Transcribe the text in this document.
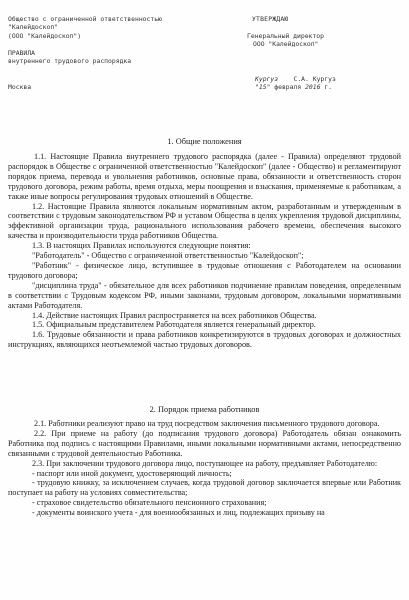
Общество с ограниченной ответственностью
"Калейдоскоп"
(ООО "Калейдоскоп")

ПРАВИЛА
внутреннего трудового распорядка
УТВЕРЖДАЮ

Генеральный директор
ООО "Калейдоскоп"
Кургуз С.А. Кургуз
"15" февраля 2016 г.
Москва
1. Общие положения

1.1. Настоящие Правила внутреннего трудового распорядка (далее - Правила) определяют трудовой распорядок в Обществе с ограниченной ответственностью "Калейдоскоп" (далее - Общество) и регламентируют порядок приема, перевода и увольнения работников, основные права, обязанности и ответственность сторон трудового договора, режим работы, время отдыха, меры поощрения и взыскания, применяемые к работникам, а также иные вопросы регулирования трудовых отношений в Обществе.

1.2. Настоящие Правила являются локальным нормативным актом, разработанным и утвержденным в соответствии с трудовым законодательством РФ и уставом Общества в целях укрепления трудовой дисциплины, эффективной организации труда, рационального использования рабочего времени, обеспечения высокого качества и производительности труда работников Общества.

1.3. В настоящих Правилах используются следующие понятия:

"Работодатель" - Общество с ограниченной ответственностью "Калейдоскоп";

"Работник" - физическое лицо, вступившее в трудовые отношения с Работодателем на основании трудового договора;

"дисциплина труда" - обязательное для всех работников подчинение правилам поведения, определенным в соответствии с Трудовым кодексом РФ, иными законами, трудовым договором, локальными нормативными актами Работодателя.

1.4. Действие настоящих Правил распространяется на всех работников Общества.

1.5. Официальным представителем Работодателя является генеральный директор.

1.6. Трудовые обязанности и права работников конкретизируются в трудовых договорах и должностных инструкциях, являющихся неотъемлемой частью трудовых договоров.

2. Порядок приема работников

2.1. Работники реализуют право на труд посредством заключения письменного трудового договора.

2.2. При приеме на работу (до подписания трудового договора) Работодатель обязан ознакомить Работника под подпись с настоящими Правилами, иными локальными нормативными актами, непосредственно связанными с трудовой деятельностью Работника.

2.3. При заключении трудового договора лицо, поступающее на работу, предъявляет Работодателю:

- паспорт или иной документ, удостоверяющий личность;

- трудовую книжку, за исключением случаев, когда трудовой договор заключается впервые или Работник поступает на работу на условиях совместительства;

- страховое свидетельство обязательного пенсионного страхования;

- документы воинского учета - для военнообязанных и лиц, подлежащих призыву на
